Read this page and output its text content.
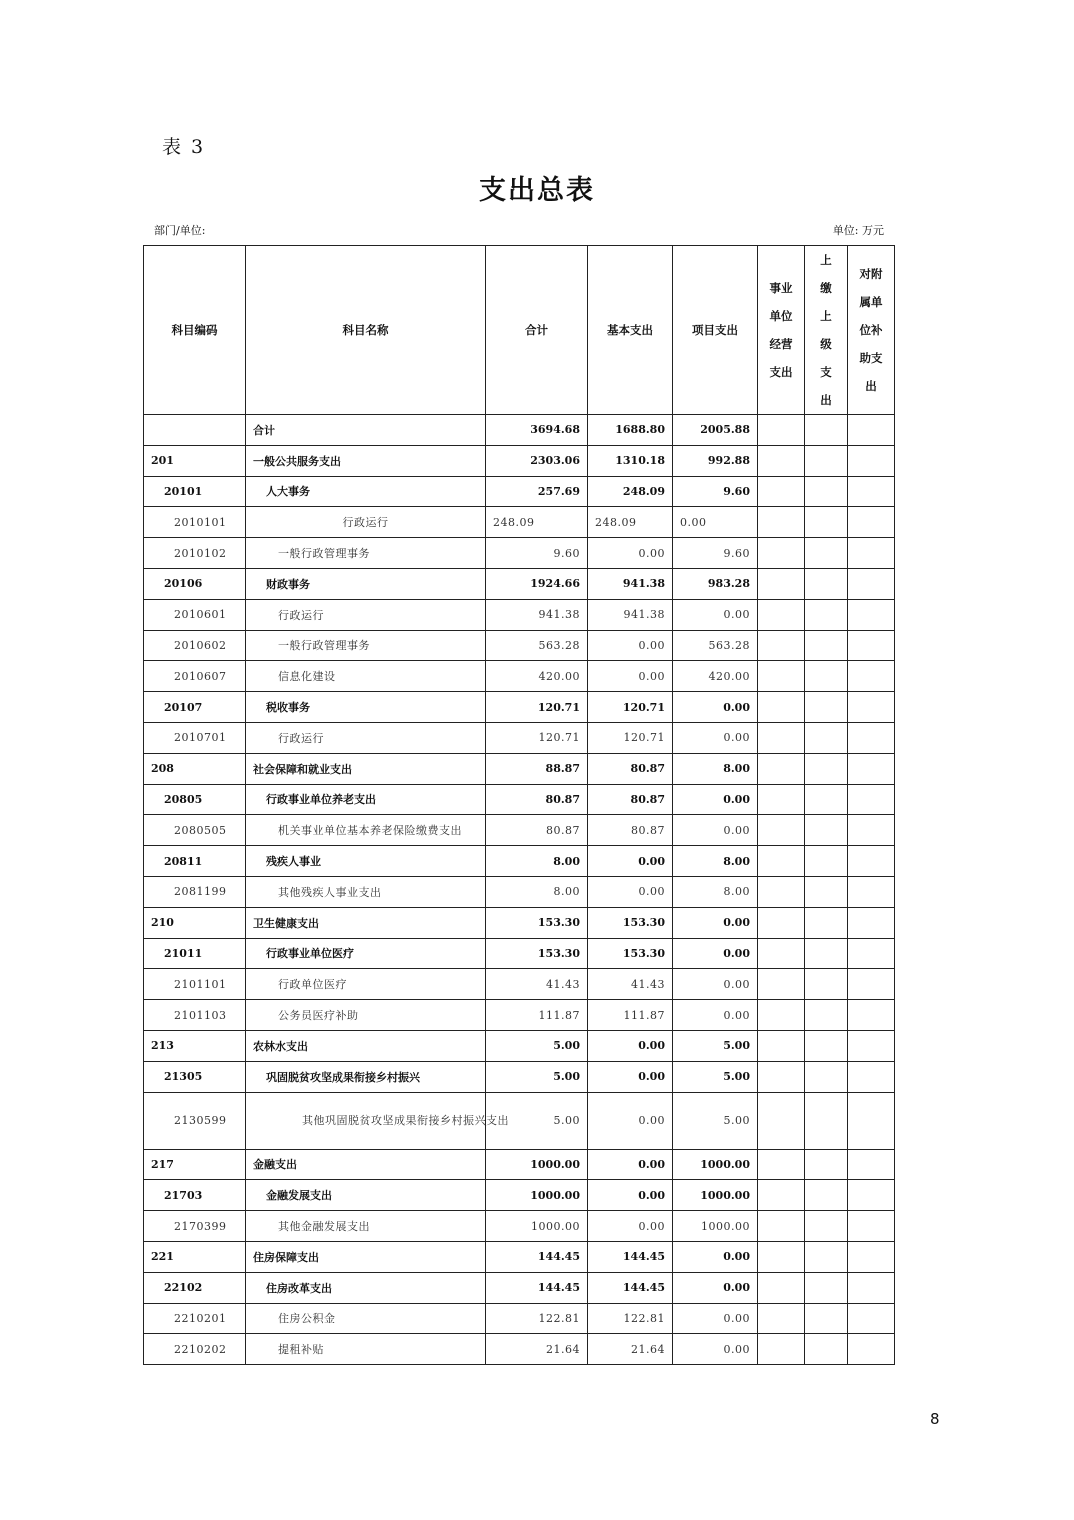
表 3
支出总表
部门/单位:	单位: 万元
科目编码	科目名称	合计	基本支出	项目支出	事业单位经营支出	上缴上级支出	对附属单位补助支出
	合计	3694.68	1688.80	2005.88			
201	一般公共服务支出	2303.06	1310.18	992.88			
20101	人大事务	257.69	248.09	9.60			
2010101	行政运行	248.09	248.09	0.00			
2010102	一般行政管理事务	9.60	0.00	9.60			
20106	财政事务	1924.66	941.38	983.28			
2010601	行政运行	941.38	941.38	0.00			
2010602	一般行政管理事务	563.28	0.00	563.28			
2010607	信息化建设	420.00	0.00	420.00			
20107	税收事务	120.71	120.71	0.00			
2010701	行政运行	120.71	120.71	0.00			
208	社会保障和就业支出	88.87	80.87	8.00			
20805	行政事业单位养老支出	80.87	80.87	0.00			
2080505	机关事业单位基本养老保险缴费支出	80.87	80.87	0.00			
20811	残疾人事业	8.00	0.00	8.00			
2081199	其他残疾人事业支出	8.00	0.00	8.00			
210	卫生健康支出	153.30	153.30	0.00			
21011	行政事业单位医疗	153.30	153.30	0.00			
2101101	行政单位医疗	41.43	41.43	0.00			
2101103	公务员医疗补助	111.87	111.87	0.00			
213	农林水支出	5.00	0.00	5.00			
21305	巩固脱贫攻坚成果衔接乡村振兴	5.00	0.00	5.00			
2130599	其他巩固脱贫攻坚成果衔接乡村振兴支出	5.00	0.00	5.00			
217	金融支出	1000.00	0.00	1000.00			
21703	金融发展支出	1000.00	0.00	1000.00			
2170399	其他金融发展支出	1000.00	0.00	1000.00			
221	住房保障支出	144.45	144.45	0.00			
22102	住房改革支出	144.45	144.45	0.00			
2210201	住房公积金	122.81	122.81	0.00			
2210202	提租补贴	21.64	21.64	0.00			
8
